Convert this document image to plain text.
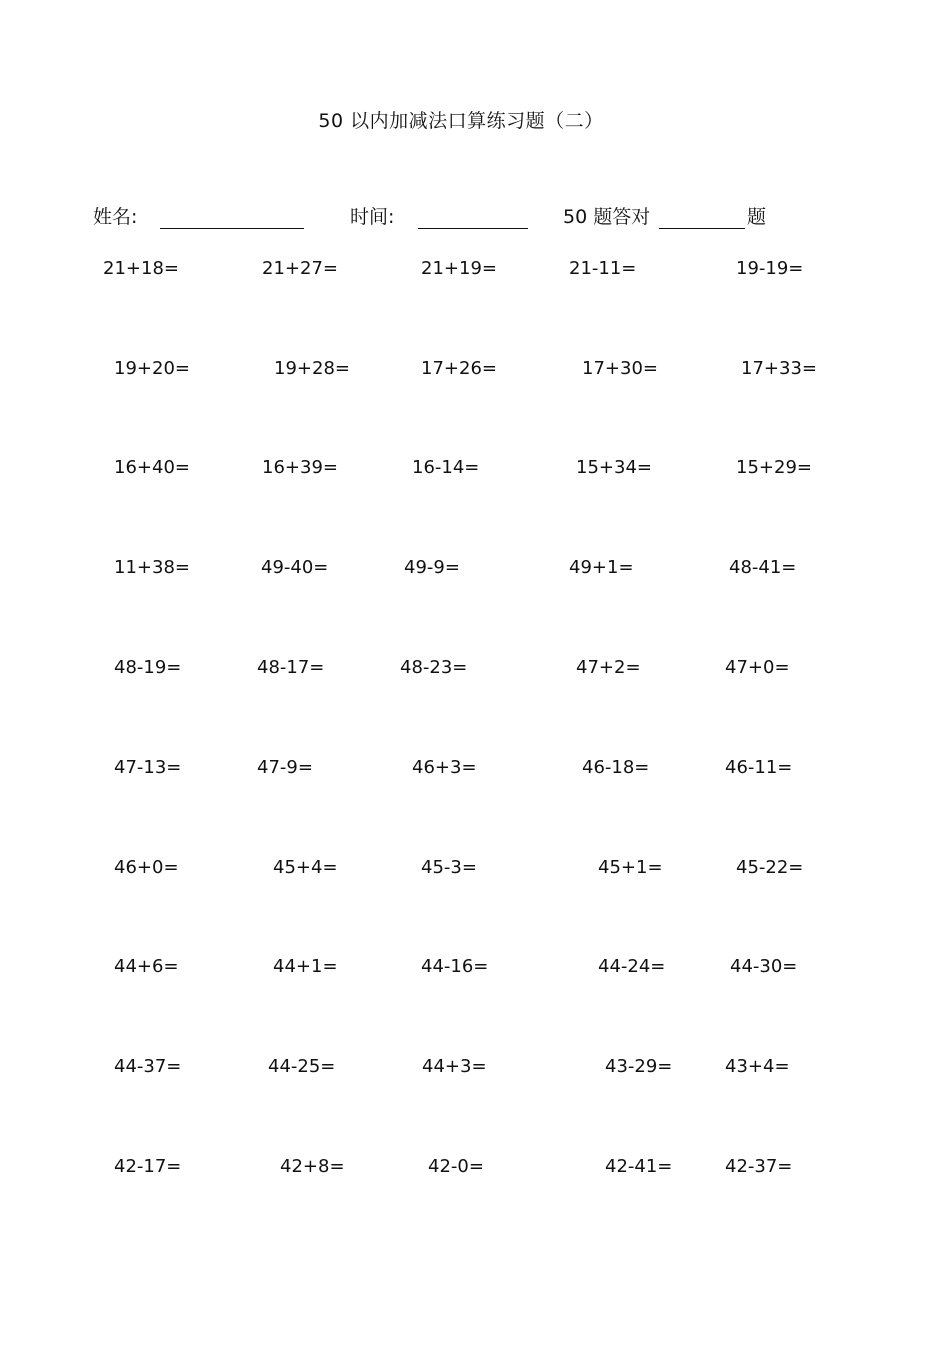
50 以内加减法口算练习题（二）
姓名:	时间:	50 题答对	题
21+18=	21+27=	21+19=	21-11=	19-19=
19+20=	19+28=	17+26=	17+30=	17+33=
16+40=	16+39=	16-14=	15+34=	15+29=
11+38=	49-40=	49-9=	49+1=	48-41=
48-19=	48-17=	48-23=	47+2=	47+0=
47-13=	47-9=	46+3=	46-18=	46-11=
46+0=	45+4=	45-3=	45+1=	45-22=
44+6=	44+1=	44-16=	44-24=	44-30=
44-37=	44-25=	44+3=	43-29=	43+4=
42-17=	42+8=	42-0=	42-41=	42-37=
